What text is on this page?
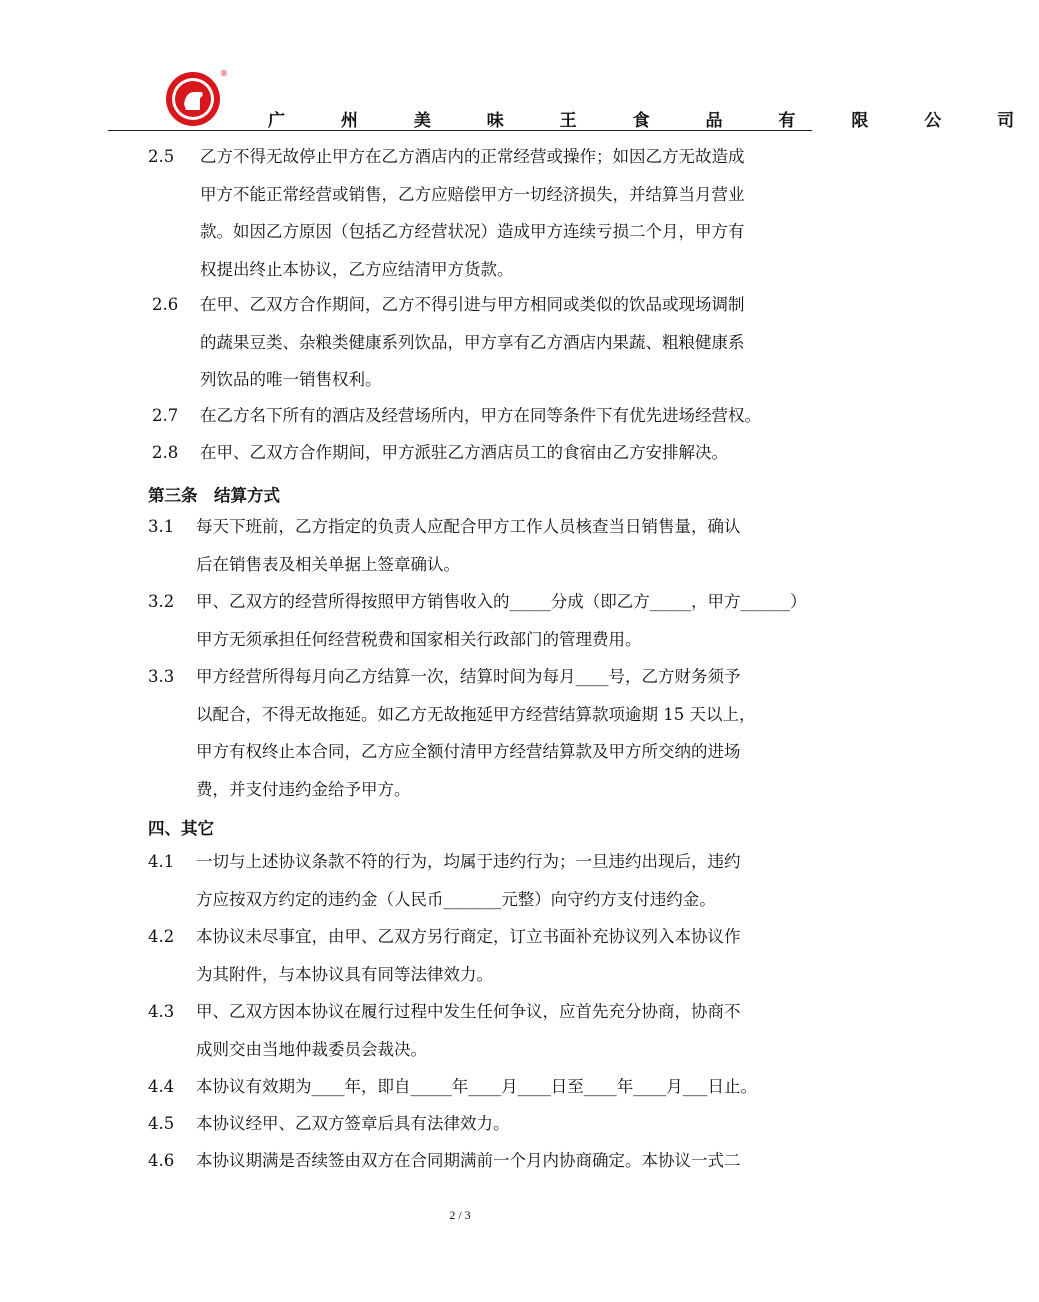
搜食
®
广 州 美 味 王 食 品 有 限 公 司
2.5 乙方不得无故停止甲方在乙方酒店内的正常经营或操作；如因乙方无故造成
甲方不能正常经营或销售，乙方应赔偿甲方一切经济损失，并结算当月营业
款。如因乙方原因（包括乙方经营状况）造成甲方连续亏损二个月，甲方有
权提出终止本协议，乙方应结清甲方货款。
2.6 在甲、乙双方合作期间，乙方不得引进与甲方相同或类似的饮品或现场调制
的蔬果豆类、杂粮类健康系列饮品，甲方享有乙方酒店内果蔬、粗粮健康系
列饮品的唯一销售权利。
2.7 在乙方名下所有的酒店及经营场所内，甲方在同等条件下有优先进场经营权。
2.8 在甲、乙双方合作期间，甲方派驻乙方酒店员工的食宿由乙方安排解决。
第三条　结算方式
3.1 每天下班前，乙方指定的负责人应配合甲方工作人员核查当日销售量，确认
后在销售表及相关单据上签章确认。
3.2 甲、乙双方的经营所得按照甲方销售收入的_____分成（即乙方_____，甲方______）
甲方无须承担任何经营税费和国家相关行政部门的管理费用。
3.3 甲方经营所得每月向乙方结算一次，结算时间为每月____号，乙方财务须予
以配合，不得无故拖延。如乙方无故拖延甲方经营结算款项逾期 15 天以上，
甲方有权终止本合同，乙方应全额付清甲方经营结算款及甲方所交纳的进场
费，并支付违约金给予甲方。
四、其它
4.1 一切与上述协议条款不符的行为，均属于违约行为；一旦违约出现后，违约
方应按双方约定的违约金（人民币_______元整）向守约方支付违约金。
4.2 本协议未尽事宜，由甲、乙双方另行商定，订立书面补充协议列入本协议作
为其附件，与本协议具有同等法律效力。
4.3 甲、乙双方因本协议在履行过程中发生任何争议，应首先充分协商，协商不
成则交由当地仲裁委员会裁决。
4.4 本协议有效期为____年，即自_____年____月____日至____年____月___日止。
4.5 本协议经甲、乙双方签章后具有法律效力。
4.6 本协议期满是否续签由双方在合同期满前一个月内协商确定。本协议一式二
2 / 3
